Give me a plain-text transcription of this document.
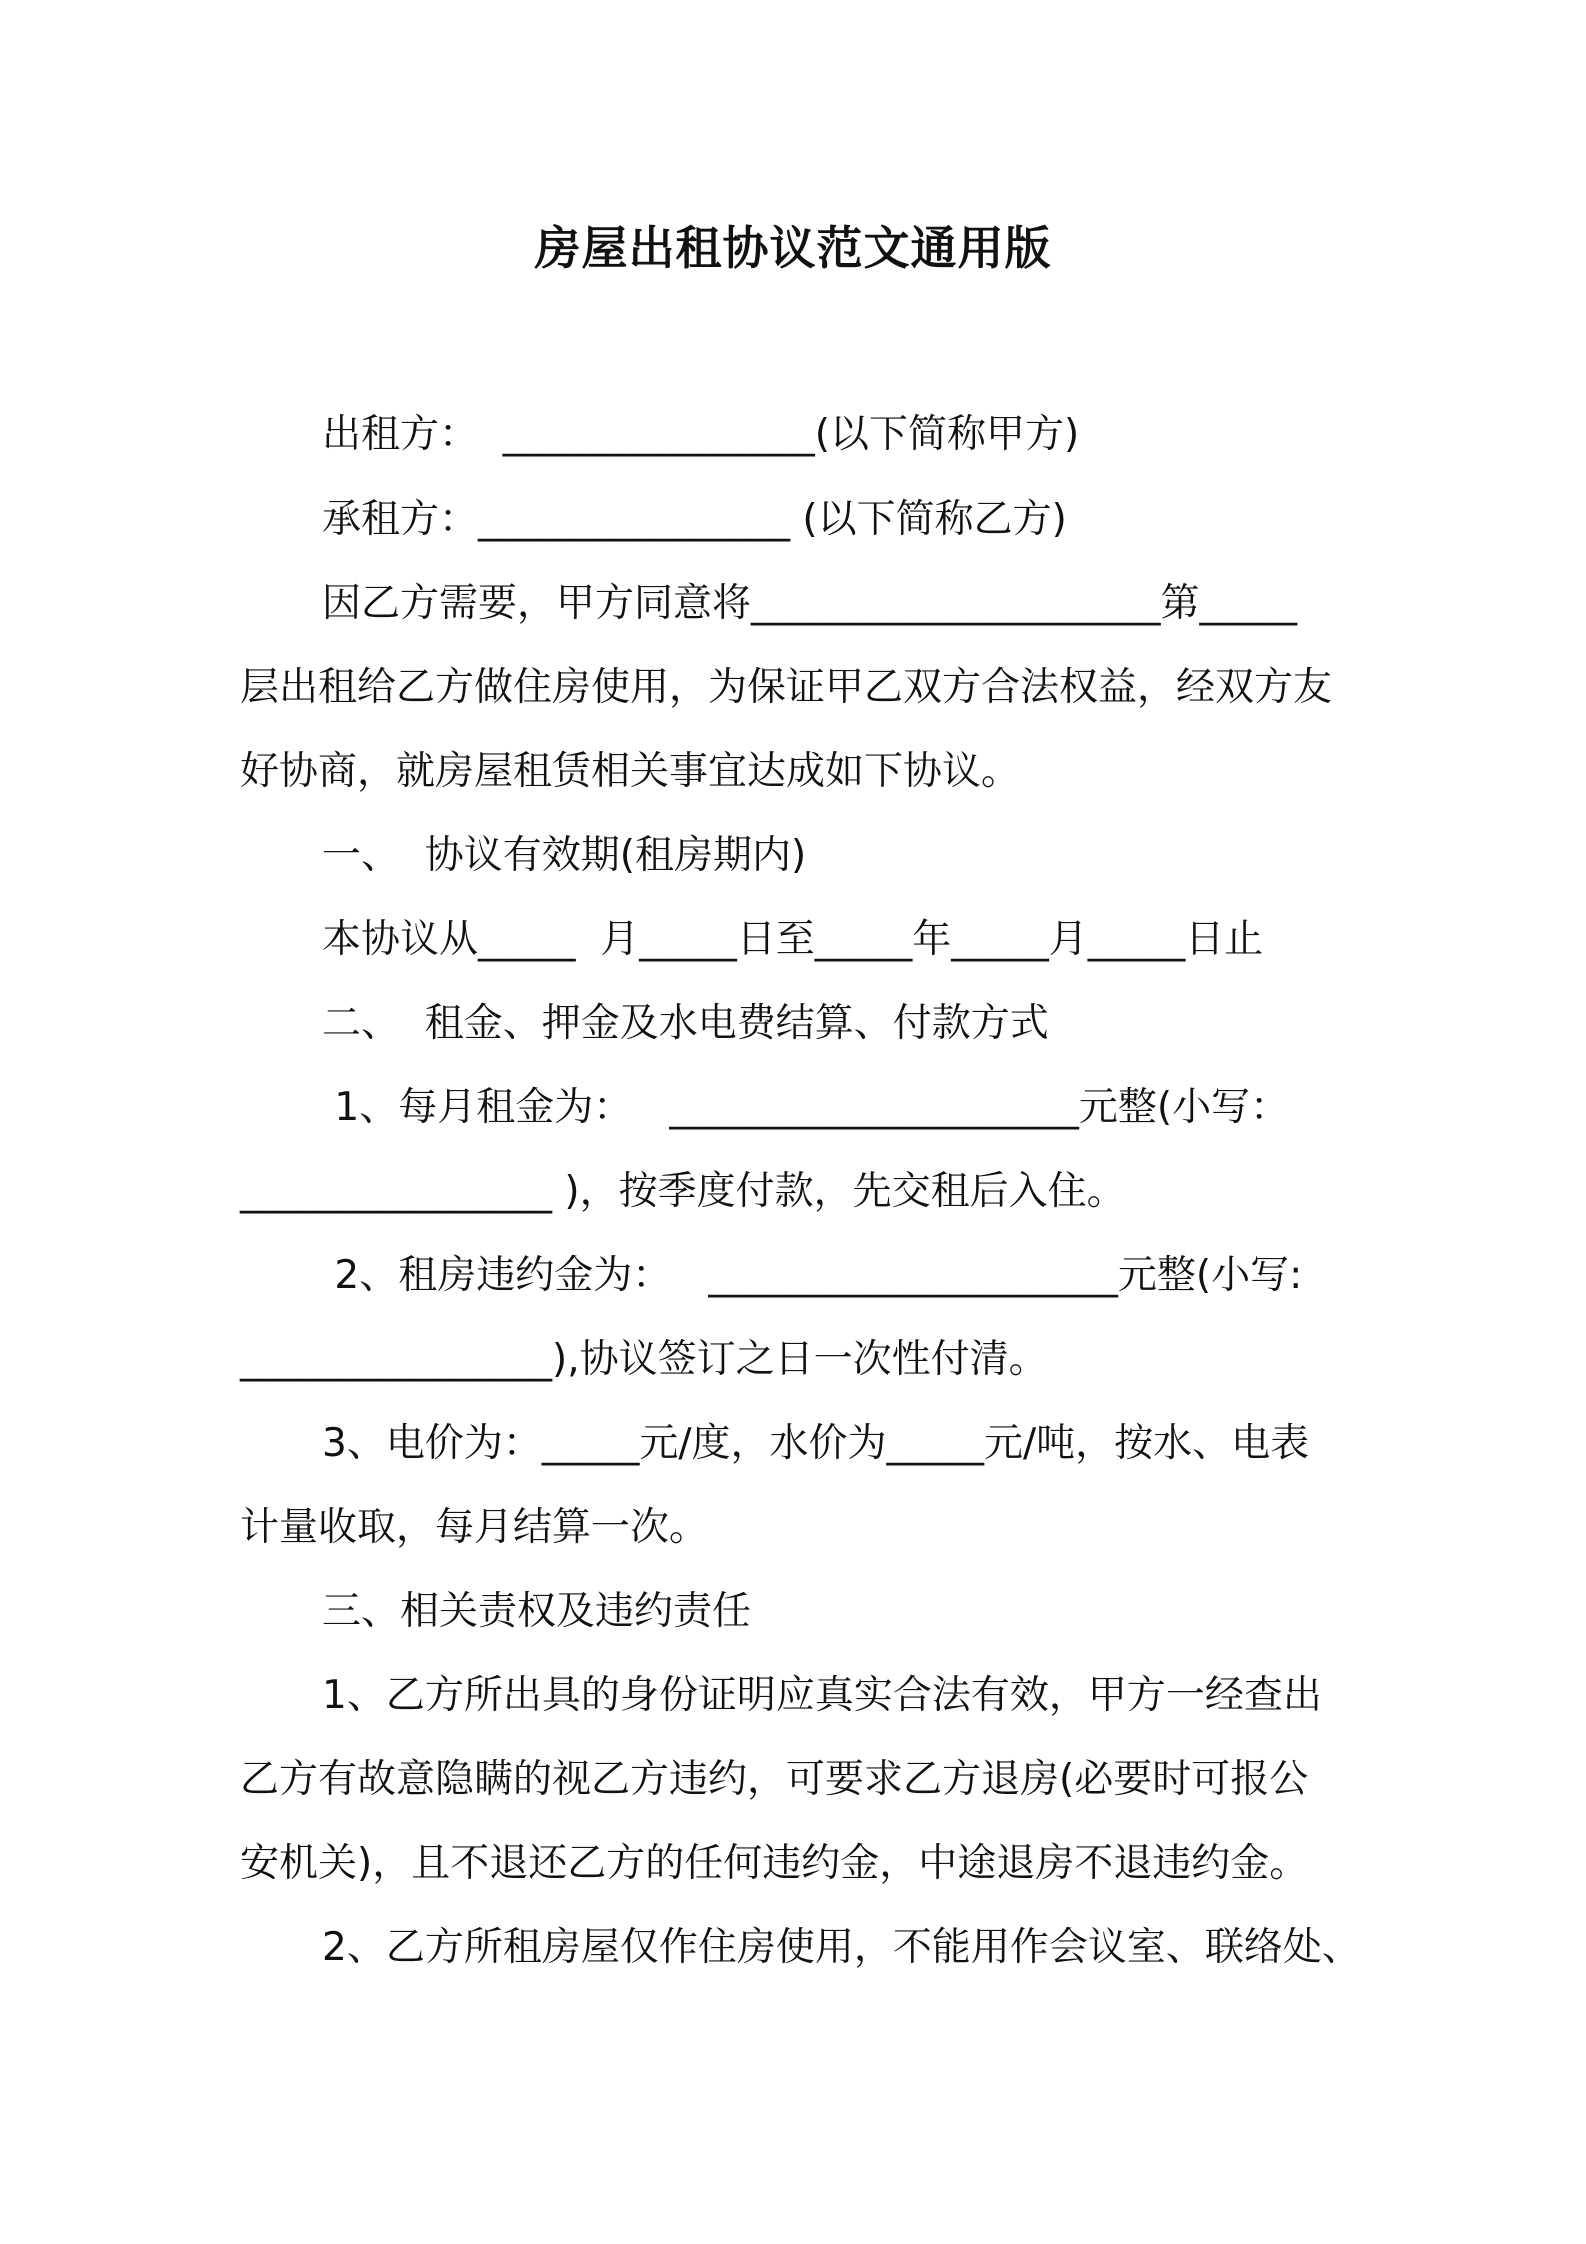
房屋出租协议范文通用版
出租方：  ________________(以下简称甲方)
承租方：________________ (以下简称乙方)
因乙方需要，甲方同意将_____________________第_____
层出租给乙方做住房使用，为保证甲乙双方合法权益，经双方友
好协商，就房屋租赁相关事宜达成如下协议。
一、  协议有效期(租房期内)
本协议从_____  月_____日至_____年_____月_____日止
二、  租金、押金及水电费结算、付款方式
1、每月租金为：   _____________________元整(小写：
________________ )，按季度付款，先交租后入住。
2、租房违约金为：   _____________________元整(小写:
________________),协议签订之日一次性付清。
3、电价为：_____元/度，水价为_____元/吨，按水、电表
计量收取，每月结算一次。
三、相关责权及违约责任
1、乙方所出具的身份证明应真实合法有效，甲方一经查出
乙方有故意隐瞒的视乙方违约，可要求乙方退房(必要时可报公
安机关)，且不退还乙方的任何违约金，中途退房不退违约金。
2、乙方所租房屋仅作住房使用，不能用作会议室、联络处、
